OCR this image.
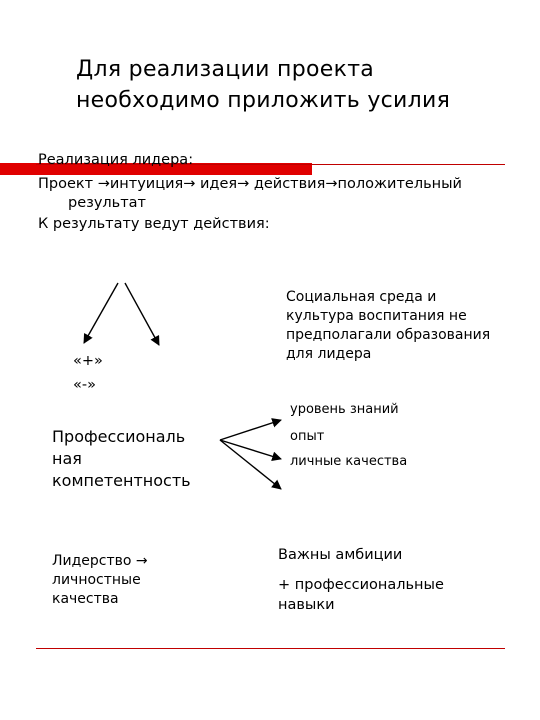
Для реализации проекта
необходимо приложить усилия
Реализация лидера:
Проект →интуиция→ идея→ действия→положительный
результат
К результату ведут действия:
«+»
«-»
Социальная среда и
культура воспитания не
предполагали образования
для лидера
Профессиональ
ная
компетентность
уровень знаний
опыт
личные качества
Лидерство →
личностные
качества
Важны амбиции
+ профессиональные
навыки
